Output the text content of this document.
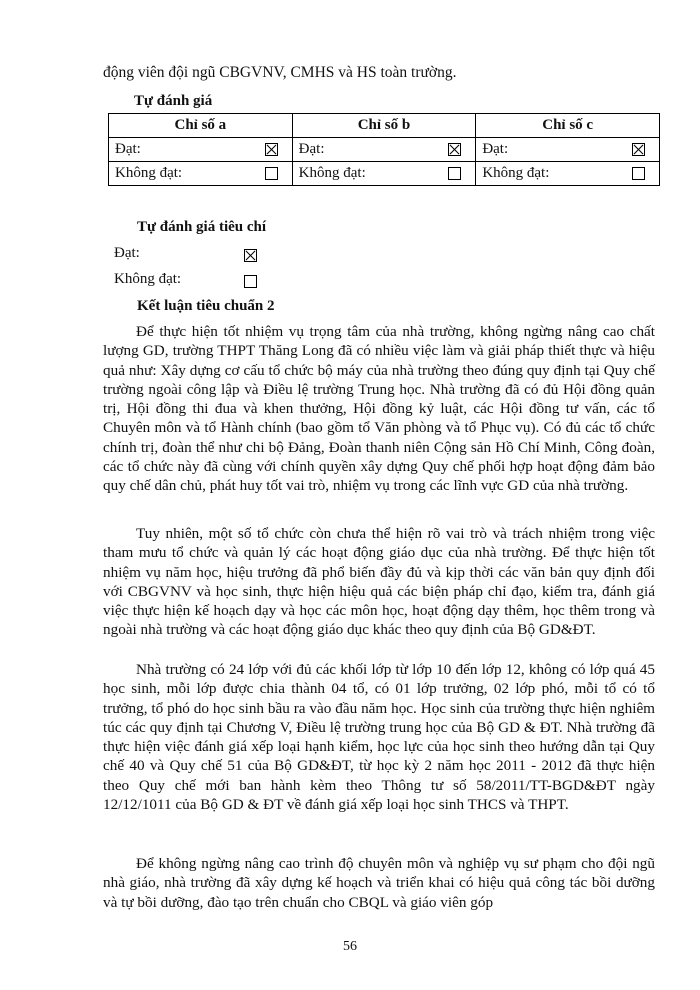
động viên đội ngũ CBGVNV, CMHS và HS toàn trường.
Tự đánh giá
Chỉ số a		Chỉ số b		Chỉ số c	
Đạt:		Đạt:		Đạt:	
Không đạt:		Không đạt:		Không đạt:	
Tự đánh giá tiêu chí
Đạt:
Không đạt:
Kết luận tiêu chuẩn 2

Để thực hiện tốt nhiệm vụ trọng tâm của nhà trường, không ngừng nâng cao chất lượng GD, trường THPT Thăng Long đã có nhiều việc làm và giải pháp thiết thực và hiệu quả như: Xây dựng cơ cấu tổ chức bộ máy của nhà trường theo đúng quy định tại Quy chế trường ngoài công lập và Điều lệ trường Trung học. Nhà trường đã có đủ Hội đồng quản trị, Hội đồng thi đua và khen thưởng, Hội đồng kỷ luật, các Hội đồng tư vấn, các tổ Chuyên môn và tổ Hành chính (bao gồm tổ Văn phòng và tổ Phục vụ). Có đủ các tổ chức chính trị, đoàn thể như chi bộ Đảng, Đoàn thanh niên Cộng sản Hồ Chí Minh, Công đoàn, các tổ chức này đã cùng với chính quyền xây dựng Quy chế phối hợp hoạt động đảm bảo quy chế dân chủ, phát huy tốt vai trò, nhiệm vụ trong các lĩnh vực GD của nhà trường.

Tuy nhiên, một số tổ chức còn chưa thể hiện rõ vai trò và trách nhiệm trong việc tham mưu tổ chức và quản lý các hoạt động giáo dục của nhà trường. Để thực hiện tốt nhiệm vụ năm học, hiệu trưởng đã phổ biến đầy đủ và kịp thời các văn bản quy định đối với CBGVNV và học sinh, thực hiện hiệu quả các biện pháp chỉ đạo, kiểm tra, đánh giá việc thực hiện kế hoạch dạy và học các môn học, hoạt động dạy thêm, học thêm trong và ngoài nhà trường và các hoạt động giáo dục khác theo quy định của Bộ GD&ĐT.

Nhà trường có 24 lớp với đủ các khối lớp từ lớp 10 đến lớp 12, không có lớp quá 45 học sinh, mỗi lớp được chia thành 04 tổ, có 01 lớp trưởng, 02 lớp phó, mỗi tổ có tổ trưởng, tổ phó do học sinh bầu ra vào đầu năm học. Học sinh của trường thực hiện nghiêm túc các quy định tại Chương V, Điều lệ trường trung học của Bộ GD & ĐT. Nhà trường đã thực hiện việc đánh giá xếp loại hạnh kiểm, học lực của học sinh theo hướng dẫn tại Quy chế 40 và Quy chế 51 của Bộ GD&ĐT, từ học kỳ 2 năm học 2011 - 2012 đã thực hiện theo Quy chế mới ban hành kèm theo Thông tư số 58/2011/TT-BGD&ĐT ngày 12/12/1011 của Bộ GD & ĐT về đánh giá xếp loại học sinh THCS và THPT.

Để không ngừng nâng cao trình độ chuyên môn và nghiệp vụ sư phạm cho đội ngũ nhà giáo, nhà trường đã xây dựng kế hoạch và triển khai có hiệu quả công tác bồi dưỡng và tự bồi dưỡng, đào tạo trên chuẩn cho CBQL và giáo viên góp

56
